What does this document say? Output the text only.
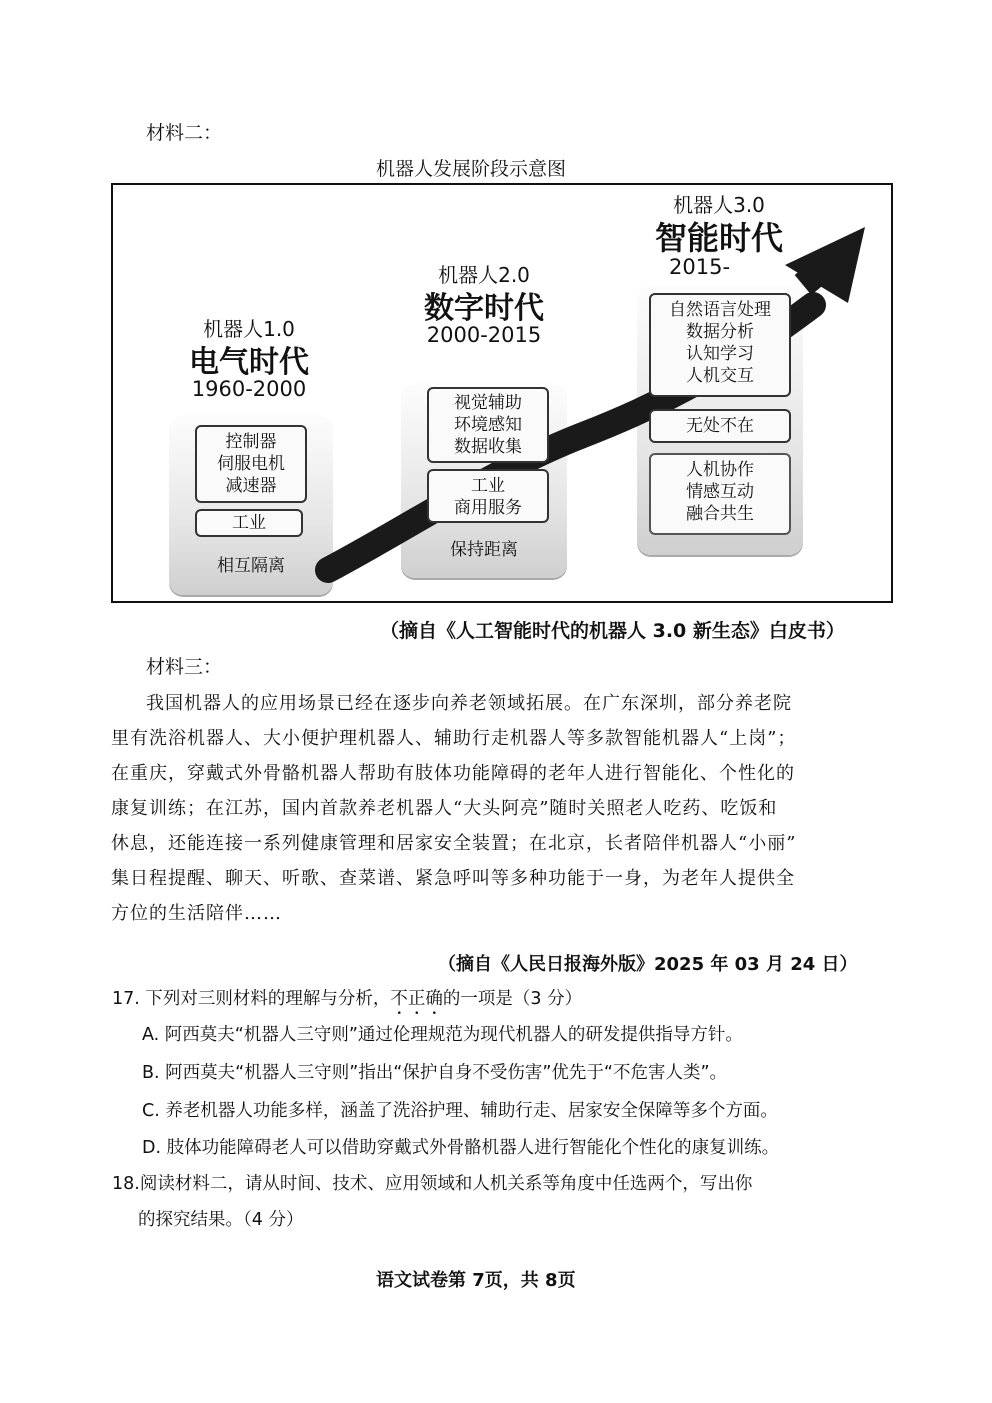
材料二：
机器人发展阶段示意图
机器人1.0
电气时代
1960-2000
控制器
伺服电机
减速器
工业
相互隔离
机器人2.0
数字时代
2000-2015
视觉辅助
环境感知
数据收集
工业
商用服务
保持距离
机器人3.0
智能时代
2015-
自然语言处理
数据分析
认知学习
人机交互
无处不在
人机协作
情感互动
融合共生
（摘自《人工智能时代的机器人 3.0 新生态》白皮书）
材料三：
我国机器人的应用场景已经在逐步向养老领域拓展。在广东深圳，部分养老院
里有洗浴机器人、大小便护理机器人、辅助行走机器人等多款智能机器人“上岗”；
在重庆，穿戴式外骨骼机器人帮助有肢体功能障碍的老年人进行智能化、个性化的
康复训练；在江苏，国内首款养老机器人“大头阿亮”随时关照老人吃药、吃饭和
休息，还能连接一系列健康管理和居家安全装置；在北京，长者陪伴机器人“小丽”
集日程提醒、聊天、听歌、查菜谱、紧急呼叫等多种功能于一身，为老年人提供全
方位的生活陪伴……
（摘自《人民日报海外版》2025 年 03 月 24 日）
17. 下列对三则材料的理解与分析，不正确的一项是（3 分）
A. 阿西莫夫“机器人三守则”通过伦理规范为现代机器人的研发提供指导方针。
B. 阿西莫夫“机器人三守则”指出“保护自身不受伤害”优先于“不危害人类”。
C. 养老机器人功能多样，涵盖了洗浴护理、辅助行走、居家安全保障等多个方面。
D. 肢体功能障碍老人可以借助穿戴式外骨骼机器人进行智能化个性化的康复训练。
18.阅读材料二，请从时间、技术、应用领域和人机关系等角度中任选两个，写出你
的探究结果。（4 分）
语文试卷第 7页，共 8页
